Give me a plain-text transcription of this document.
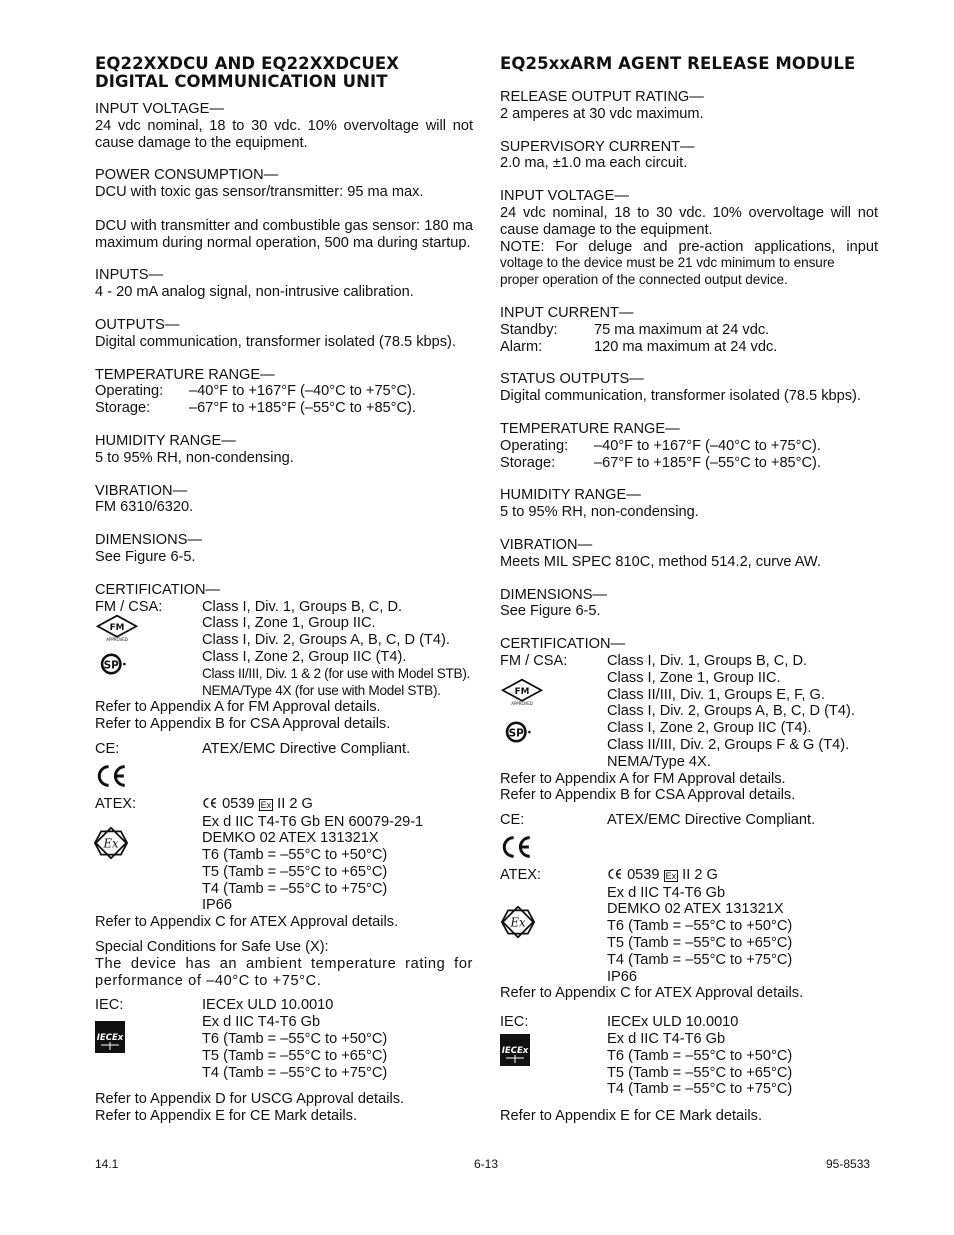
EQ22XXDCU AND EQ22XXDCUEX
DIGITAL COMMUNICATION UNIT
INPUT VOLTAGE—

24 vdc nominal, 18 to 30 vdc. 10% overvoltage will not cause damage to the equipment.

POWER CONSUMPTION—

DCU with toxic gas sensor/transmitter: 95 ma max.

DCU with transmitter and combustible gas sensor: 180 ma maximum during normal operation, 500 ma during startup.

INPUTS—

4 - 20 mA analog signal, non-intrusive calibration.

OUTPUTS—

Digital communication, transformer isolated (78.5 kbps).

TEMPERATURE RANGE—
Operating:	–40°F to +167°F (–40°C to +75°C).
Storage:	–67°F to +185°F (–55°C to +85°C).
HUMIDITY RANGE—

5 to 95% RH, non-condensing.

VIBRATION—

FM 6310/6320.

DIMENSIONS—

See Figure 6-5.

CERTIFICATION—
FM / CSA:	Class I, Div. 1, Groups B, C, D.
Class I, Zone 1, Group IIC.
Class I, Div. 2, Groups A, B, C, D (T4).
Class I, Zone 2, Group IIC (T4).
Class II/III, Div. 1 & 2 (for use with Model STB).
NEMA/Type 4X (for use with Model STB).
Refer to Appendix A for FM Approval details.
Refer to Appendix B for CSA Approval details.
CE:	ATEX/EMC Directive Compliant.
ATEX:	0539 Ex II 2 G
Ex d IIC T4-T6 Gb EN 60079-29-1
DEMKO 02 ATEX 131321X
T6 (Tamb = –55°C to +50°C)
T5 (Tamb = –55°C to +65°C)
T4 (Tamb = –55°C to +75°C)
IP66
Refer to Appendix C for ATEX Approval details.
Special Conditions for Safe Use (X):

The device has an ambient temperature rating for performance of –40°C to +75°C.

IEC:	IECEx ULD 10.0010
Ex d IIC T4-T6 Gb
T6 (Tamb = –55°C to +50°C)
T5 (Tamb = –55°C to +65°C)
T4 (Tamb = –55°C to +75°C)
Refer to Appendix D for USCG Approval details.
Refer to Appendix E for CE Mark details.
EQ25xxARM AGENT RELEASE MODULE
RELEASE OUTPUT RATING—

2 amperes at 30 vdc maximum.

SUPERVISORY CURRENT—

2.0 ma, ±1.0 ma each circuit.

INPUT VOLTAGE—

24 vdc nominal, 18 to 30 vdc. 10% overvoltage will not cause damage to the equipment.

NOTE: For deluge and pre-action applications, input

voltage to the device must be 21 vdc minimum to ensure

proper operation of the connected output device.

INPUT CURRENT—
Standby:	75 ma maximum at 24 vdc.
Alarm:	120 ma maximum at 24 vdc.
STATUS OUTPUTS—

Digital communication, transformer isolated (78.5 kbps).

TEMPERATURE RANGE—
Operating:	–40°F to +167°F (–40°C to +75°C).
Storage:	–67°F to +185°F (–55°C to +85°C).
HUMIDITY RANGE—

5 to 95% RH, non-condensing.

VIBRATION—

Meets MIL SPEC 810C, method 514.2, curve AW.

DIMENSIONS—

See Figure 6-5.

CERTIFICATION—
FM / CSA:	Class I, Div. 1, Groups B, C, D.
Class I, Zone 1, Group IIC.
Class II/III, Div. 1, Groups E, F, G.
Class I, Div. 2, Groups A, B, C, D (T4).
Class I, Zone 2, Group IIC (T4).
Class II/III, Div. 2, Groups F & G (T4).
NEMA/Type 4X.
Refer to Appendix A for FM Approval details.
Refer to Appendix B for CSA Approval details.
CE:	ATEX/EMC Directive Compliant.
ATEX:	0539 Ex II 2 G
Ex d IIC T4-T6 Gb
DEMKO 02 ATEX 131321X
T6 (Tamb = –55°C to +50°C)
T5 (Tamb = –55°C to +65°C)
T4 (Tamb = –55°C to +75°C)
IP66
Refer to Appendix C for ATEX Approval details.
IEC:	IECEx ULD 10.0010
Ex d IIC T4-T6 Gb
T6 (Tamb = –55°C to +50°C)
T5 (Tamb = –55°C to +65°C)
T4 (Tamb = –55°C to +75°C)
Refer to Appendix E for CE Mark details.
14.1	6-13	95-8533
